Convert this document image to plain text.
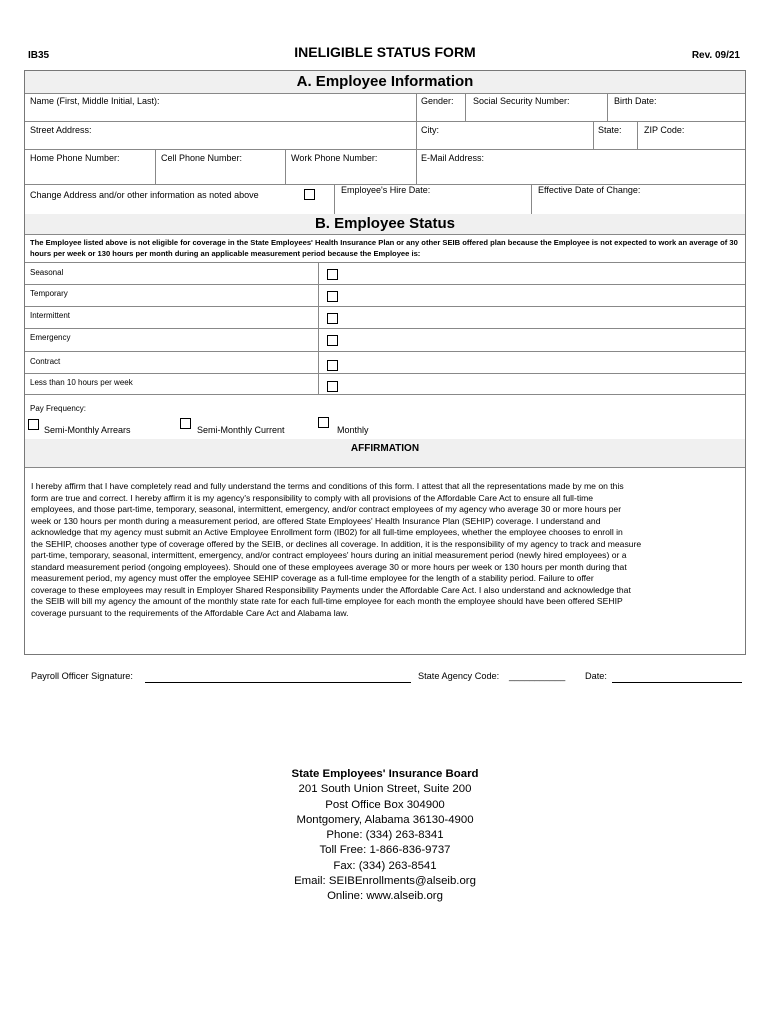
IB35	INELIGIBLE STATUS FORM	Rev. 09/21
A. Employee Information
Name (First, Middle Initial, Last):	Gender: Social Security Number:	Birth Date:
Street Address:	City:	State: ZIP Code:
Home Phone Number:	Cell Phone Number:	Work Phone Number:	E-Mail Address:
Change Address and/or other information as noted above	Employee's Hire Date:	Effective Date of Change:
B. Employee Status
The Employee listed above is not eligible for coverage in the State Employees' Health Insurance Plan or any other SEIB offered plan because the Employee is not expected to work an average of 30 hours per week or 130 hours per month during an applicable measurement period because the Employee is:
Seasonal
Temporary
Intermittent
Emergency
Contract
Less than 10 hours per week
Pay Frequency:
Semi-Monthly Arrears	Semi-Monthly Current	Monthly
AFFIRMATION
I hereby affirm that I have completely read and fully understand the terms and conditions of this form. I attest that all the representations made by me on this
form are true and correct. I hereby affirm it is my agency's responsibility to comply with all provisions of the Affordable Care Act to ensure all full-time
employees, and those part-time, temporary, seasonal, intermittent, emergency, and/or contract employees of my agency who average 30 or more hours per
week or 130 hours per month during a measurement period, are offered State Employees' Health Insurance Plan (SEHIP) coverage. I understand and
acknowledge that my agency must submit an Active Employee Enrollment form (IB02) for all full-time employees, whether the employee chooses to enroll in
the SEHIP, chooses another type of coverage offered by the SEIB, or declines all coverage. In addition, it is the responsibility of my agency to track and measure
part-time, temporary, seasonal, intermittent, emergency, and/or contract employees' hours during an initial measurement period (newly hired employees) or a
standard measurement period (ongoing employees). Should one of these employees average 30 or more hours per week or 130 hours per month during that
measurement period, my agency must offer the employee SEHIP coverage as a full-time employee for the length of a stability period. Failure to offer
coverage to these employees may result in Employer Shared Responsibility Payments under the Affordable Care Act. I also understand and acknowledge that
the SEIB will bill my agency the amount of the monthly state rate for each full-time employee for each month the employee should have been offered SEHIP
coverage pursuant to the requirements of the Affordable Care Act and Alabama law.
Payroll Officer Signature:	State Agency Code: ___________ Date:
State Employees' Insurance Board
201 South Union Street, Suite 200
Post Office Box 304900
Montgomery, Alabama 36130-4900
Phone: (334) 263-8341
Toll Free: 1-866-836-9737
Fax: (334) 263-8541
Email: SEIBEnrollments@alseib.org
Online: www.alseib.org
